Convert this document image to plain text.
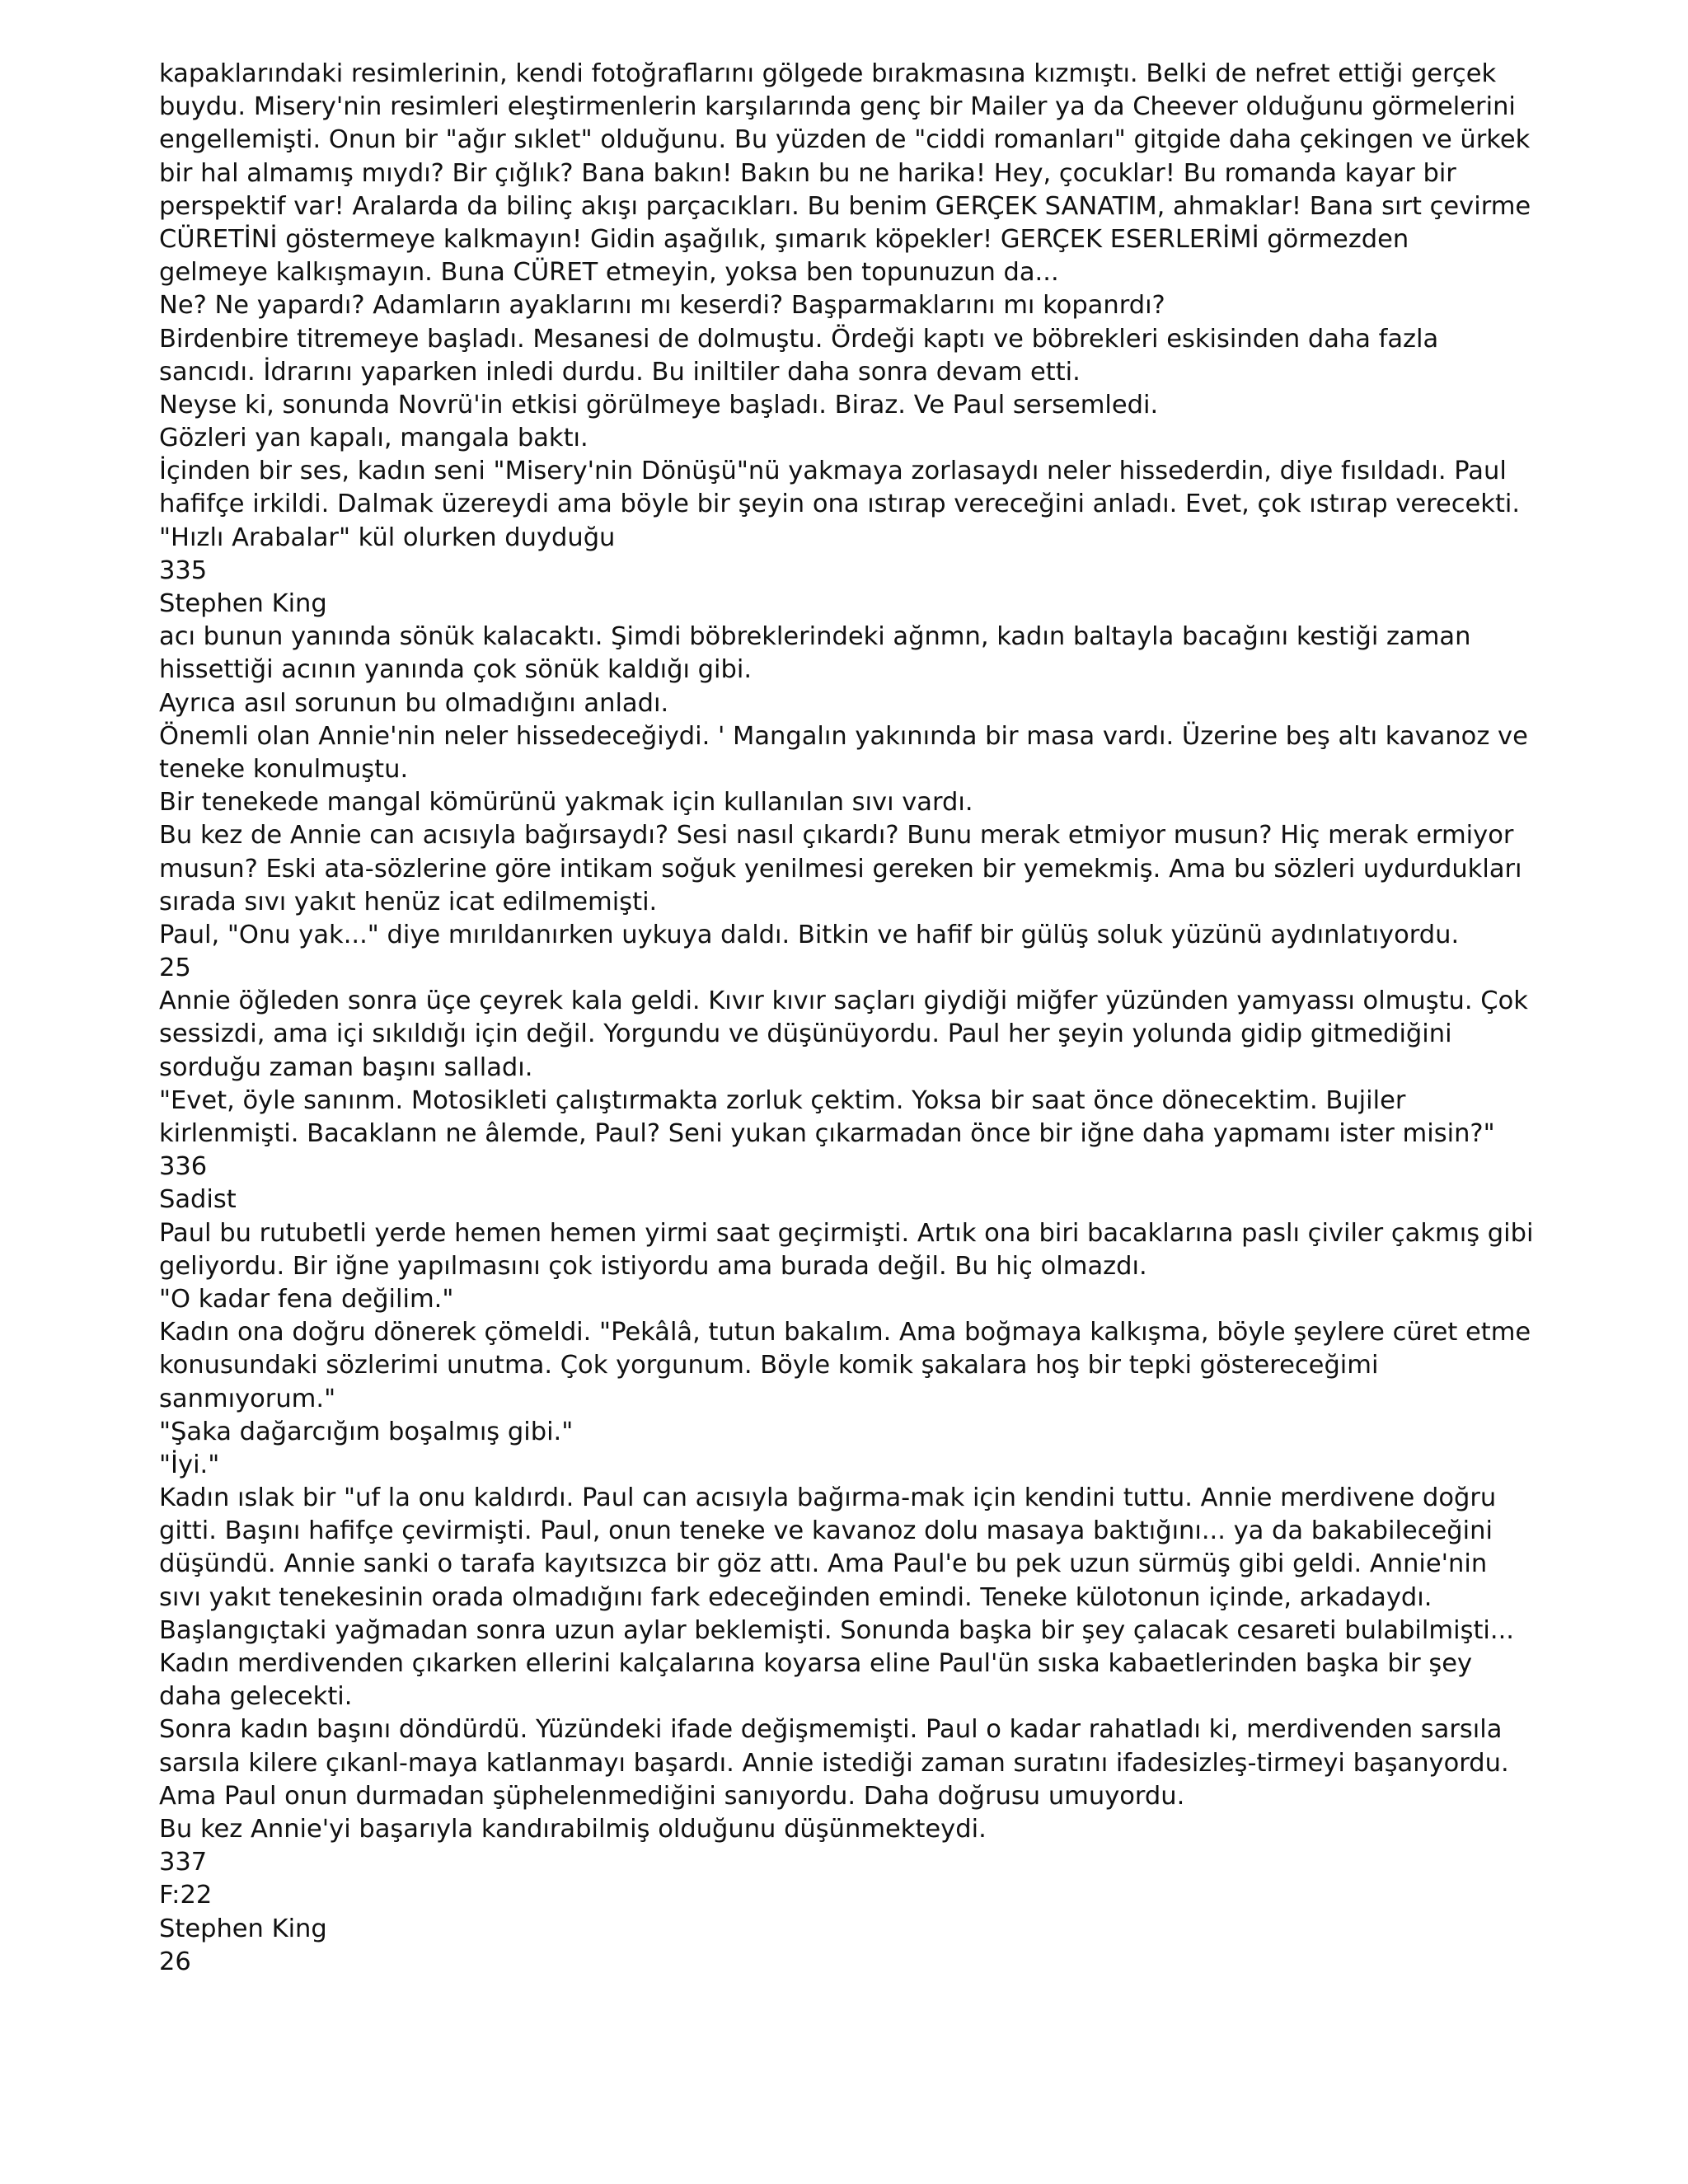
kapaklarındaki resimlerinin, kendi fotoğraflarını gölgede bırakmasına kızmıştı. Belki de nefret ettiği gerçek
buydu. Misery'nin resimleri eleştirmenlerin karşılarında genç bir Mailer ya da Cheever olduğunu görmelerini
engellemişti. Onun bir "ağır sıklet" olduğunu. Bu yüzden de "ciddi romanları" gitgide daha çekingen ve ürkek
bir hal almamış mıydı? Bir çığlık? Bana bakın! Bakın bu ne harika! Hey, çocuklar! Bu romanda kayar bir
perspektif var! Aralarda da bilinç akışı parçacıkları. Bu benim GERÇEK SANATIM, ahmaklar! Bana sırt çevirme
CÜRETİNİ göstermeye kalkmayın! Gidin aşağılık, şımarık köpekler! GERÇEK ESERLERİMİ görmezden
gelmeye kalkışmayın. Buna CÜRET etmeyin, yoksa ben topunuzun da...
Ne? Ne yapardı? Adamların ayaklarını mı keserdi? Başparmaklarını mı kopanrdı?
Birdenbire titremeye başladı. Mesanesi de dolmuştu. Ördeği kaptı ve böbrekleri eskisinden daha fazla
sancıdı. İdrarını yaparken inledi durdu. Bu iniltiler daha sonra devam etti.
Neyse ki, sonunda Novrü'in etkisi görülmeye başladı. Biraz. Ve Paul sersemledi.
Gözleri yan kapalı, mangala baktı.
İçinden bir ses, kadın seni "Misery'nin Dönüşü"nü yakmaya zorlasaydı neler hissederdin, diye fısıldadı. Paul
hafifçe irkildi. Dalmak üzereydi ama böyle bir şeyin ona ıstırap vereceğini anladı. Evet, çok ıstırap verecekti.
"Hızlı Arabalar" kül olurken duyduğu
335
Stephen King
acı bunun yanında sönük kalacaktı. Şimdi böbreklerindeki ağnmn, kadın baltayla bacağını kestiği zaman
hissettiği acının yanında çok sönük kaldığı gibi.
Ayrıca asıl sorunun bu olmadığını anladı.
Önemli olan Annie'nin neler hissedeceğiydi. ' Mangalın yakınında bir masa vardı. Üzerine beş altı kavanoz ve
teneke konulmuştu.
Bir tenekede mangal kömürünü yakmak için kullanılan sıvı vardı.
Bu kez de Annie can acısıyla bağırsaydı? Sesi nasıl çıkardı? Bunu merak etmiyor musun? Hiç merak ermiyor
musun? Eski ata-sözlerine göre intikam soğuk yenilmesi gereken bir yemekmiş. Ama bu sözleri uydurdukları
sırada sıvı yakıt henüz icat edilmemişti.
Paul, "Onu yak..." diye mırıldanırken uykuya daldı. Bitkin ve hafif bir gülüş soluk yüzünü aydınlatıyordu.
25
Annie öğleden sonra üçe çeyrek kala geldi. Kıvır kıvır saçları giydiği miğfer yüzünden yamyassı olmuştu. Çok
sessizdi, ama içi sıkıldığı için değil. Yorgundu ve düşünüyordu. Paul her şeyin yolunda gidip gitmediğini
sorduğu zaman başını salladı.
"Evet, öyle sanınm. Motosikleti çalıştırmakta zorluk çektim. Yoksa bir saat önce dönecektim. Bujiler
kirlenmişti. Bacaklann ne âlemde, Paul? Seni yukan çıkarmadan önce bir iğne daha yapmamı ister misin?"
336
Sadist
Paul bu rutubetli yerde hemen hemen yirmi saat geçirmişti. Artık ona biri bacaklarına paslı çiviler çakmış gibi
geliyordu. Bir iğne yapılmasını çok istiyordu ama burada değil. Bu hiç olmazdı.
"O kadar fena değilim."
Kadın ona doğru dönerek çömeldi. "Pekâlâ, tutun bakalım. Ama boğmaya kalkışma, böyle şeylere cüret etme
konusundaki sözlerimi unutma. Çok yorgunum. Böyle komik şakalara hoş bir tepki göstereceğimi
sanmıyorum."
"Şaka dağarcığım boşalmış gibi."
"İyi."
Kadın ıslak bir "uf la onu kaldırdı. Paul can acısıyla bağırma-mak için kendini tuttu. Annie merdivene doğru
gitti. Başını hafifçe çevirmişti. Paul, onun teneke ve kavanoz dolu masaya baktığını... ya da bakabileceğini
düşündü. Annie sanki o tarafa kayıtsızca bir göz attı. Ama Paul'e bu pek uzun sürmüş gibi geldi. Annie'nin
sıvı yakıt tenekesinin orada olmadığını fark edeceğinden emindi. Teneke külotonun içinde, arkadaydı.
Başlangıçtaki yağmadan sonra uzun aylar beklemişti. Sonunda başka bir şey çalacak cesareti bulabilmişti...
Kadın merdivenden çıkarken ellerini kalçalarına koyarsa eline Paul'ün sıska kabaetlerinden başka bir şey
daha gelecekti.
Sonra kadın başını döndürdü. Yüzündeki ifade değişmemişti. Paul o kadar rahatladı ki, merdivenden sarsıla
sarsıla kilere çıkanl-maya katlanmayı başardı. Annie istediği zaman suratını ifadesizleş-tirmeyi başanyordu.
Ama Paul onun durmadan şüphelenmediğini sanıyordu. Daha doğrusu umuyordu.
Bu kez Annie'yi başarıyla kandırabilmiş olduğunu düşünmekteydi.
337
F:22
Stephen King
26
